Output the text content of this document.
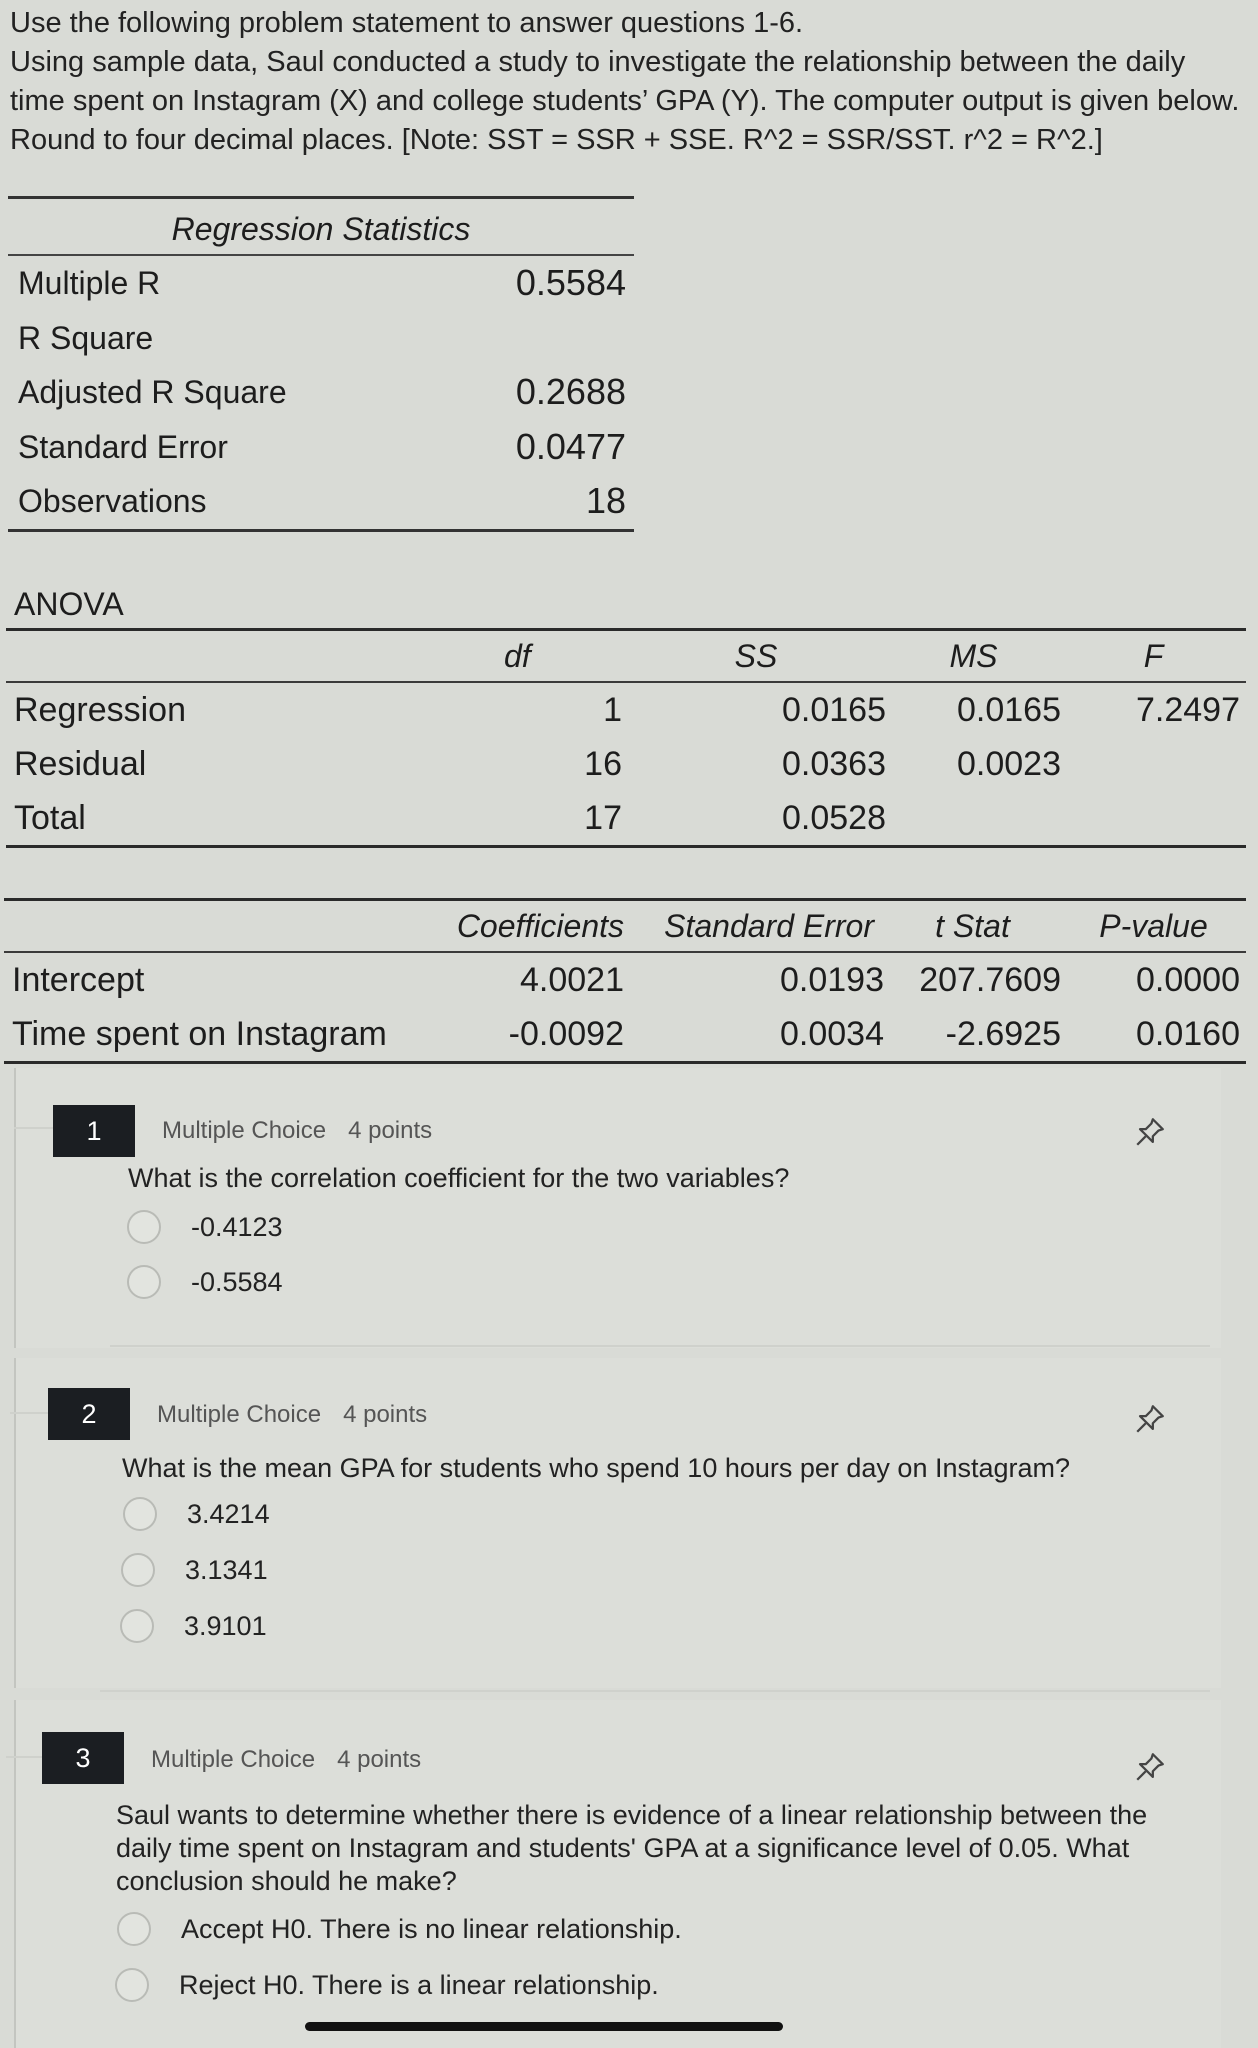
Use the following problem statement to answer questions 1-6.

Using sample data, Saul conducted a study to investigate the relationship between the daily

time spent on Instagram (X) and college students’ GPA (Y). The computer output is given below.

Round to four decimal places. [Note: SST = SSR + SSE. R^2 = SSR/SST. r^2 = R^2.]

Regression Statistics
Multiple R	0.5584
R Square
Adjusted R Square	0.2688
Standard Error	0.0477
Observations	18
ANOVA
	df	SS	MS	F

Regression	1	0.0165	0.0165	7.2497
Residual	16	0.0363	0.0023	
Total	17	0.0528		
	Coefficients	Standard Error	t Stat	P-value

Intercept	4.0021	0.0193	207.7609	0.0000
Time spent on Instagram	-0.0092	0.0034	-2.6925	0.0160
1	Multiple Choice 4 points
What is the correlation coefficient for the two variables?
-0.4123
-0.5584
2	Multiple Choice 4 points
What is the mean GPA for students who spend 10 hours per day on Instagram?
3.4214
3.1341
3.9101
3	Multiple Choice 4 points
Saul wants to determine whether there is evidence of a linear relationship between the
daily time spent on Instagram and students' GPA at a significance level of 0.05. What
conclusion should he make?
Accept H0. There is no linear relationship.
Reject H0. There is a linear relationship.
